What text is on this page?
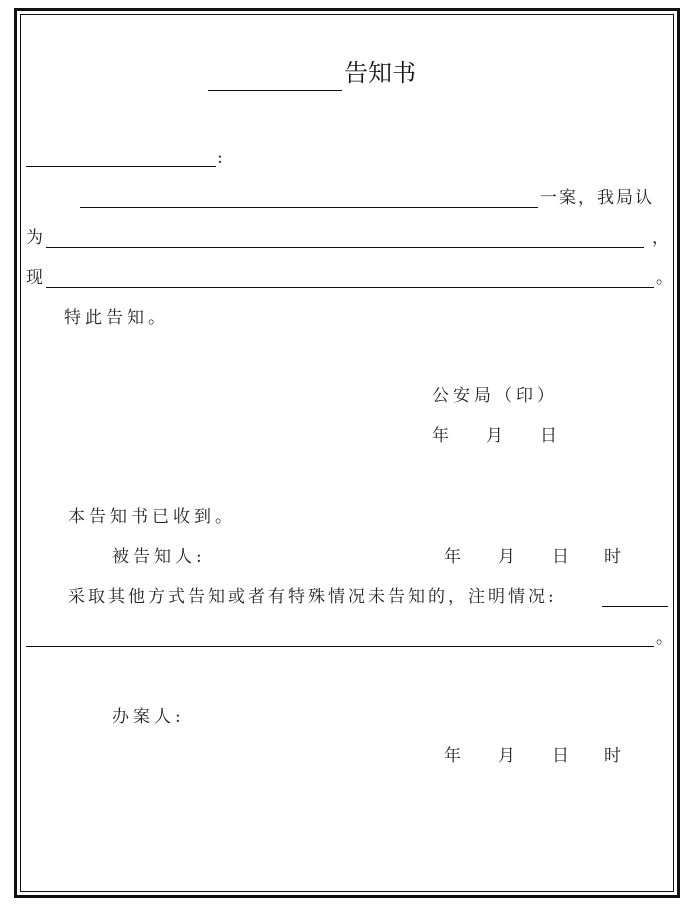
告知书
:
一案，我局认
为	，
现	。
特此告知。
公安局（印）
年 月 日
本告知书已收到。
被告知人:	年 月 日 时
采取其他方式告知或者有特殊情况未告知的，注明情况:
。
办案人:
年 月 日 时
